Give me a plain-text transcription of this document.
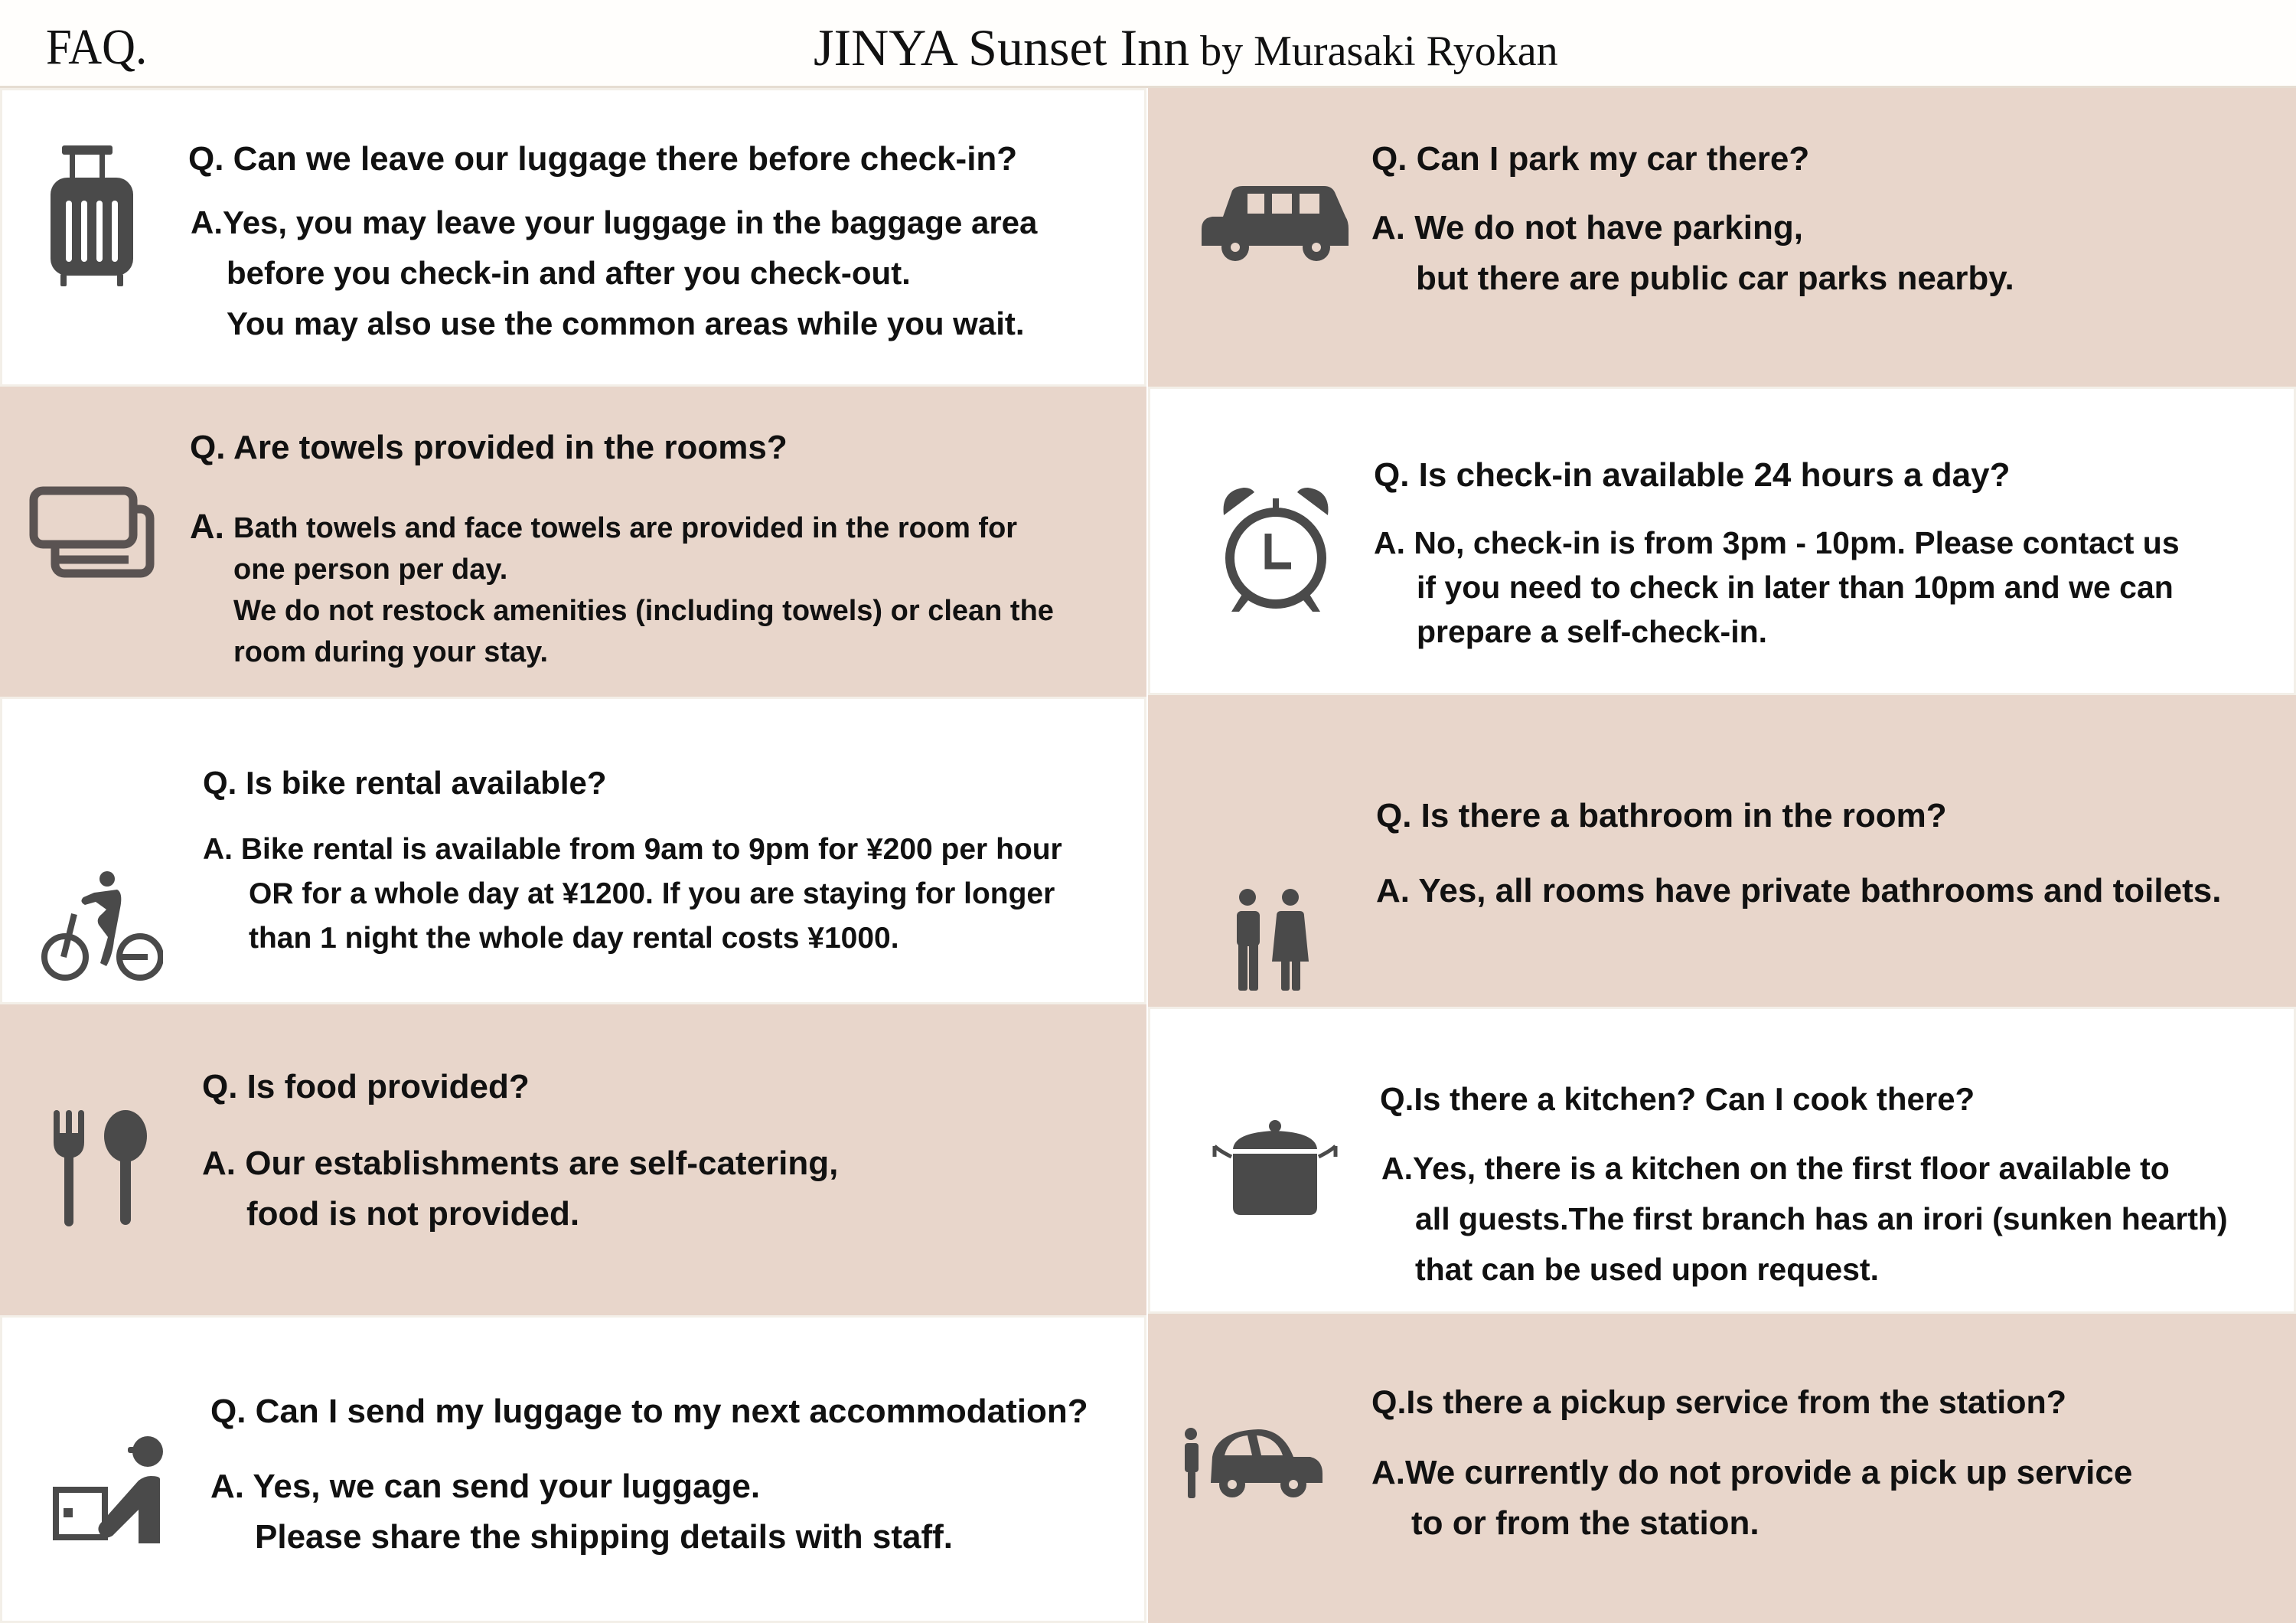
FAQ.	JINYA Sunset Inn by Murasaki Ryokan
Q. Can we leave our luggage there before check-in?
A.Yes, you may leave your luggage in the baggage area
before you check-in and after you check-out.
You may also use the common areas while you wait.
Q. Are towels provided in the rooms?
A. Bath towels and face towels are provided in the room for
one person per day.
We do not restock amenities (including towels) or clean the
room during your stay.
Q. Is bike rental available?
A. Bike rental is available from 9am to 9pm for ¥200 per hour
OR for a whole day at ¥1200. If you are staying for longer
than 1 night the whole day rental costs ¥1000.
Q. Is food provided?
A. Our establishments are self-catering,
food is not provided.
Q. Can I send my luggage to my next accommodation?
A. Yes, we can send your luggage.
Please share the shipping details with staff.
Q. Can I park my car there?
A. We do not have parking,
but there are public car parks nearby.
Q. Is check-in available 24 hours a day?
A. No, check-in is from 3pm - 10pm. Please contact us
if you need to check in later than 10pm and we can
prepare a self-check-in.
Q. Is there a bathroom in the room?
A. Yes, all rooms have private bathrooms and toilets.
Q.Is there a kitchen? Can I cook there?
A.Yes, there is a kitchen on the first floor available to
all guests.The first branch has an irori (sunken hearth)
that can be used upon request.
Q.Is there a pickup service from the station?
A.We currently do not provide a pick up service
to or from the station.
